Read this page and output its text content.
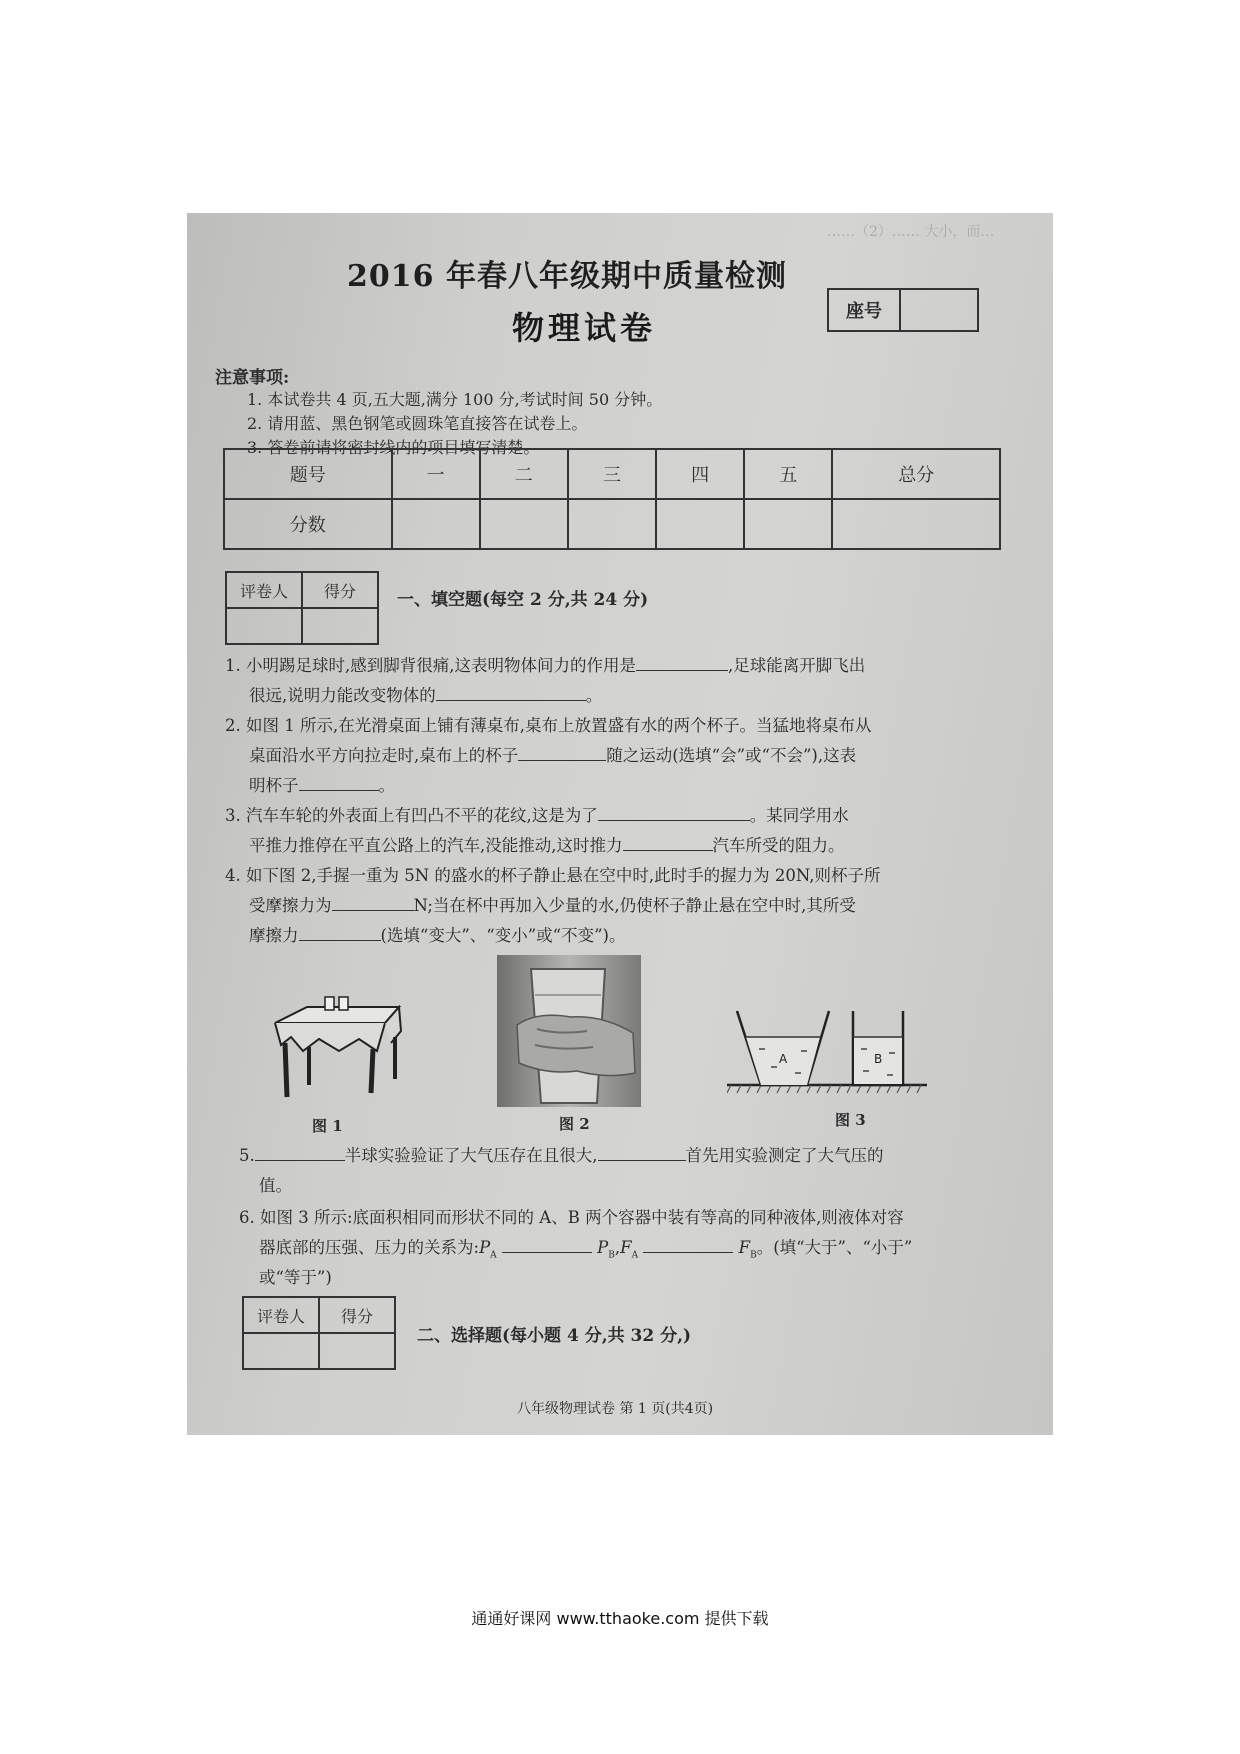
……（2）…… 大小，而…
2016 年春八年级期中质量检测
物理试卷	座号
注意事项:
1. 本试卷共 4 页,五大题,满分 100 分,考试时间 50 分钟。
2. 请用蓝、黑色钢笔或圆珠笔直接答在试卷上。
3. 答卷前请将密封线内的项目填写清楚。
题号	一	二	三	四	五	总分
分数						
评卷人	得分
	一、填空题(每空 2 分,共 24 分)
1. 小明踢足球时,感到脚背很痛,这表明物体间力的作用是	,足球能离开脚飞出
很远,说明力能改变物体的	。
2. 如图 1 所示,在光滑桌面上铺有薄桌布,桌布上放置盛有水的两个杯子。当猛地将桌布从
桌面沿水平方向拉走时,桌布上的杯子	随之运动(选填“会”或“不会”),这表
明杯子	。
3. 汽车车轮的外表面上有凹凸不平的花纹,这是为了	。某同学用水
平推力推停在平直公路上的汽车,没能推动,这时推力	汽车所受的阻力。
4. 如下图 2,手握一重为 5N 的盛水的杯子静止悬在空中时,此时手的握力为 20N,则杯子所
受摩擦力为	N;当在杯中再加入少量的水,仍使杯子静止悬在空中时,其所受
摩擦力	(选填“变大”、“变小”或“不变”)。
图 1	图 2
A	B
图 3
5.	半球实验验证了大气压存在且很大,	首先用实验测定了大气压的
值。
6. 如图 3 所示:底面积相同而形状不同的 A、B 两个容器中装有等高的同种液体,则液体对容
器底部的压强、压力的关系为$:P_A$	$P_B,F_A$	$F_B$。(填“大于”、“小于”
或“等于”)
评卷人	得分

二、选择题(每小题 4 分,共 32 分,)
八年级物理试卷 第 1 页(共4页)
通通好课网 www.tthaoke.com 提供下载
